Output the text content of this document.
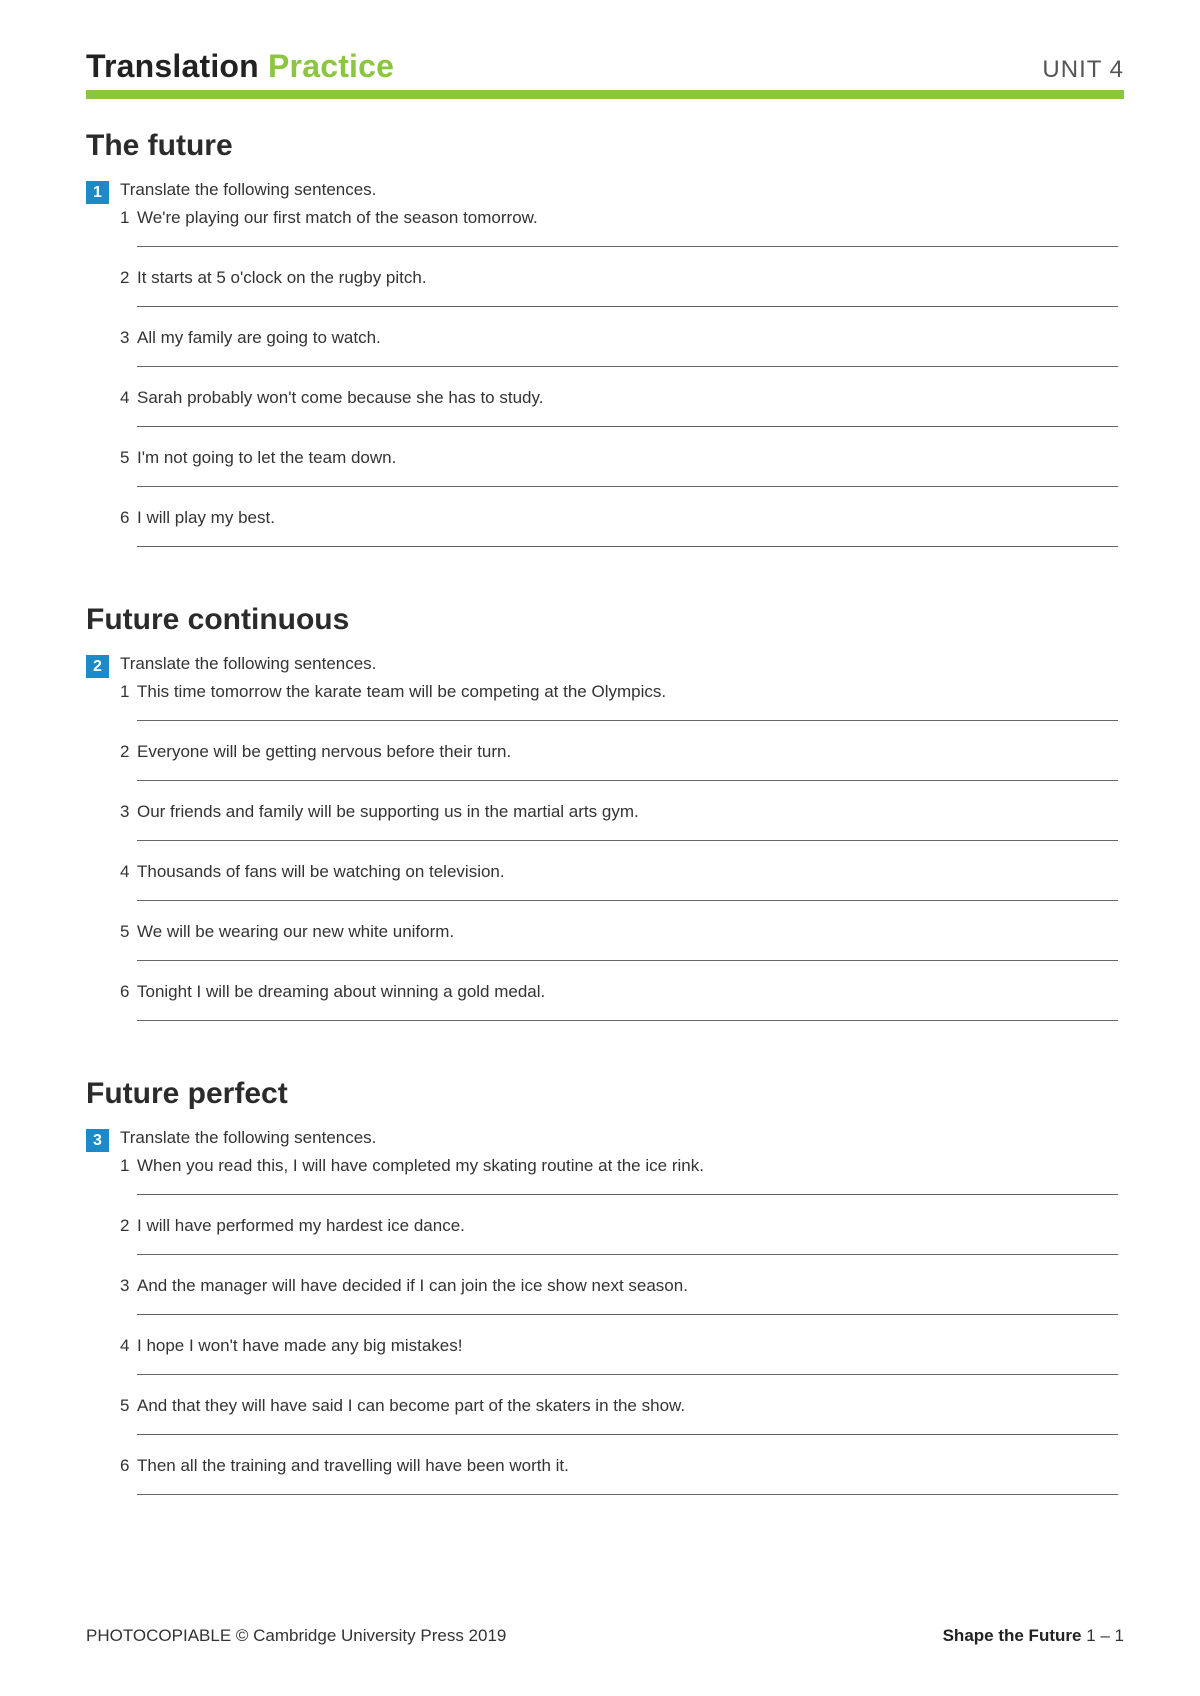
Translation Practice	UNIT 4
The future
1	Translate the following sentences.
1 We're playing our first match of the season tomorrow.
2 It starts at 5 o'clock on the rugby pitch.
3 All my family are going to watch.
4 Sarah probably won't come because she has to study.
5 I'm not going to let the team down.
6 I will play my best.
Future continuous
2	Translate the following sentences.
1 This time tomorrow the karate team will be competing at the Olympics.
2 Everyone will be getting nervous before their turn.
3 Our friends and family will be supporting us in the martial arts gym.
4 Thousands of fans will be watching on television.
5 We will be wearing our new white uniform.
6 Tonight I will be dreaming about winning a gold medal.
Future perfect
3	Translate the following sentences.
1 When you read this, I will have completed my skating routine at the ice rink.
2 I will have performed my hardest ice dance.
3 And the manager will have decided if I can join the ice show next season.
4 I hope I won't have made any big mistakes!
5 And that they will have said I can become part of the skaters in the show.
6 Then all the training and travelling will have been worth it.
PHOTOCOPIABLE © Cambridge University Press 2019	Shape the Future 1 – 1
